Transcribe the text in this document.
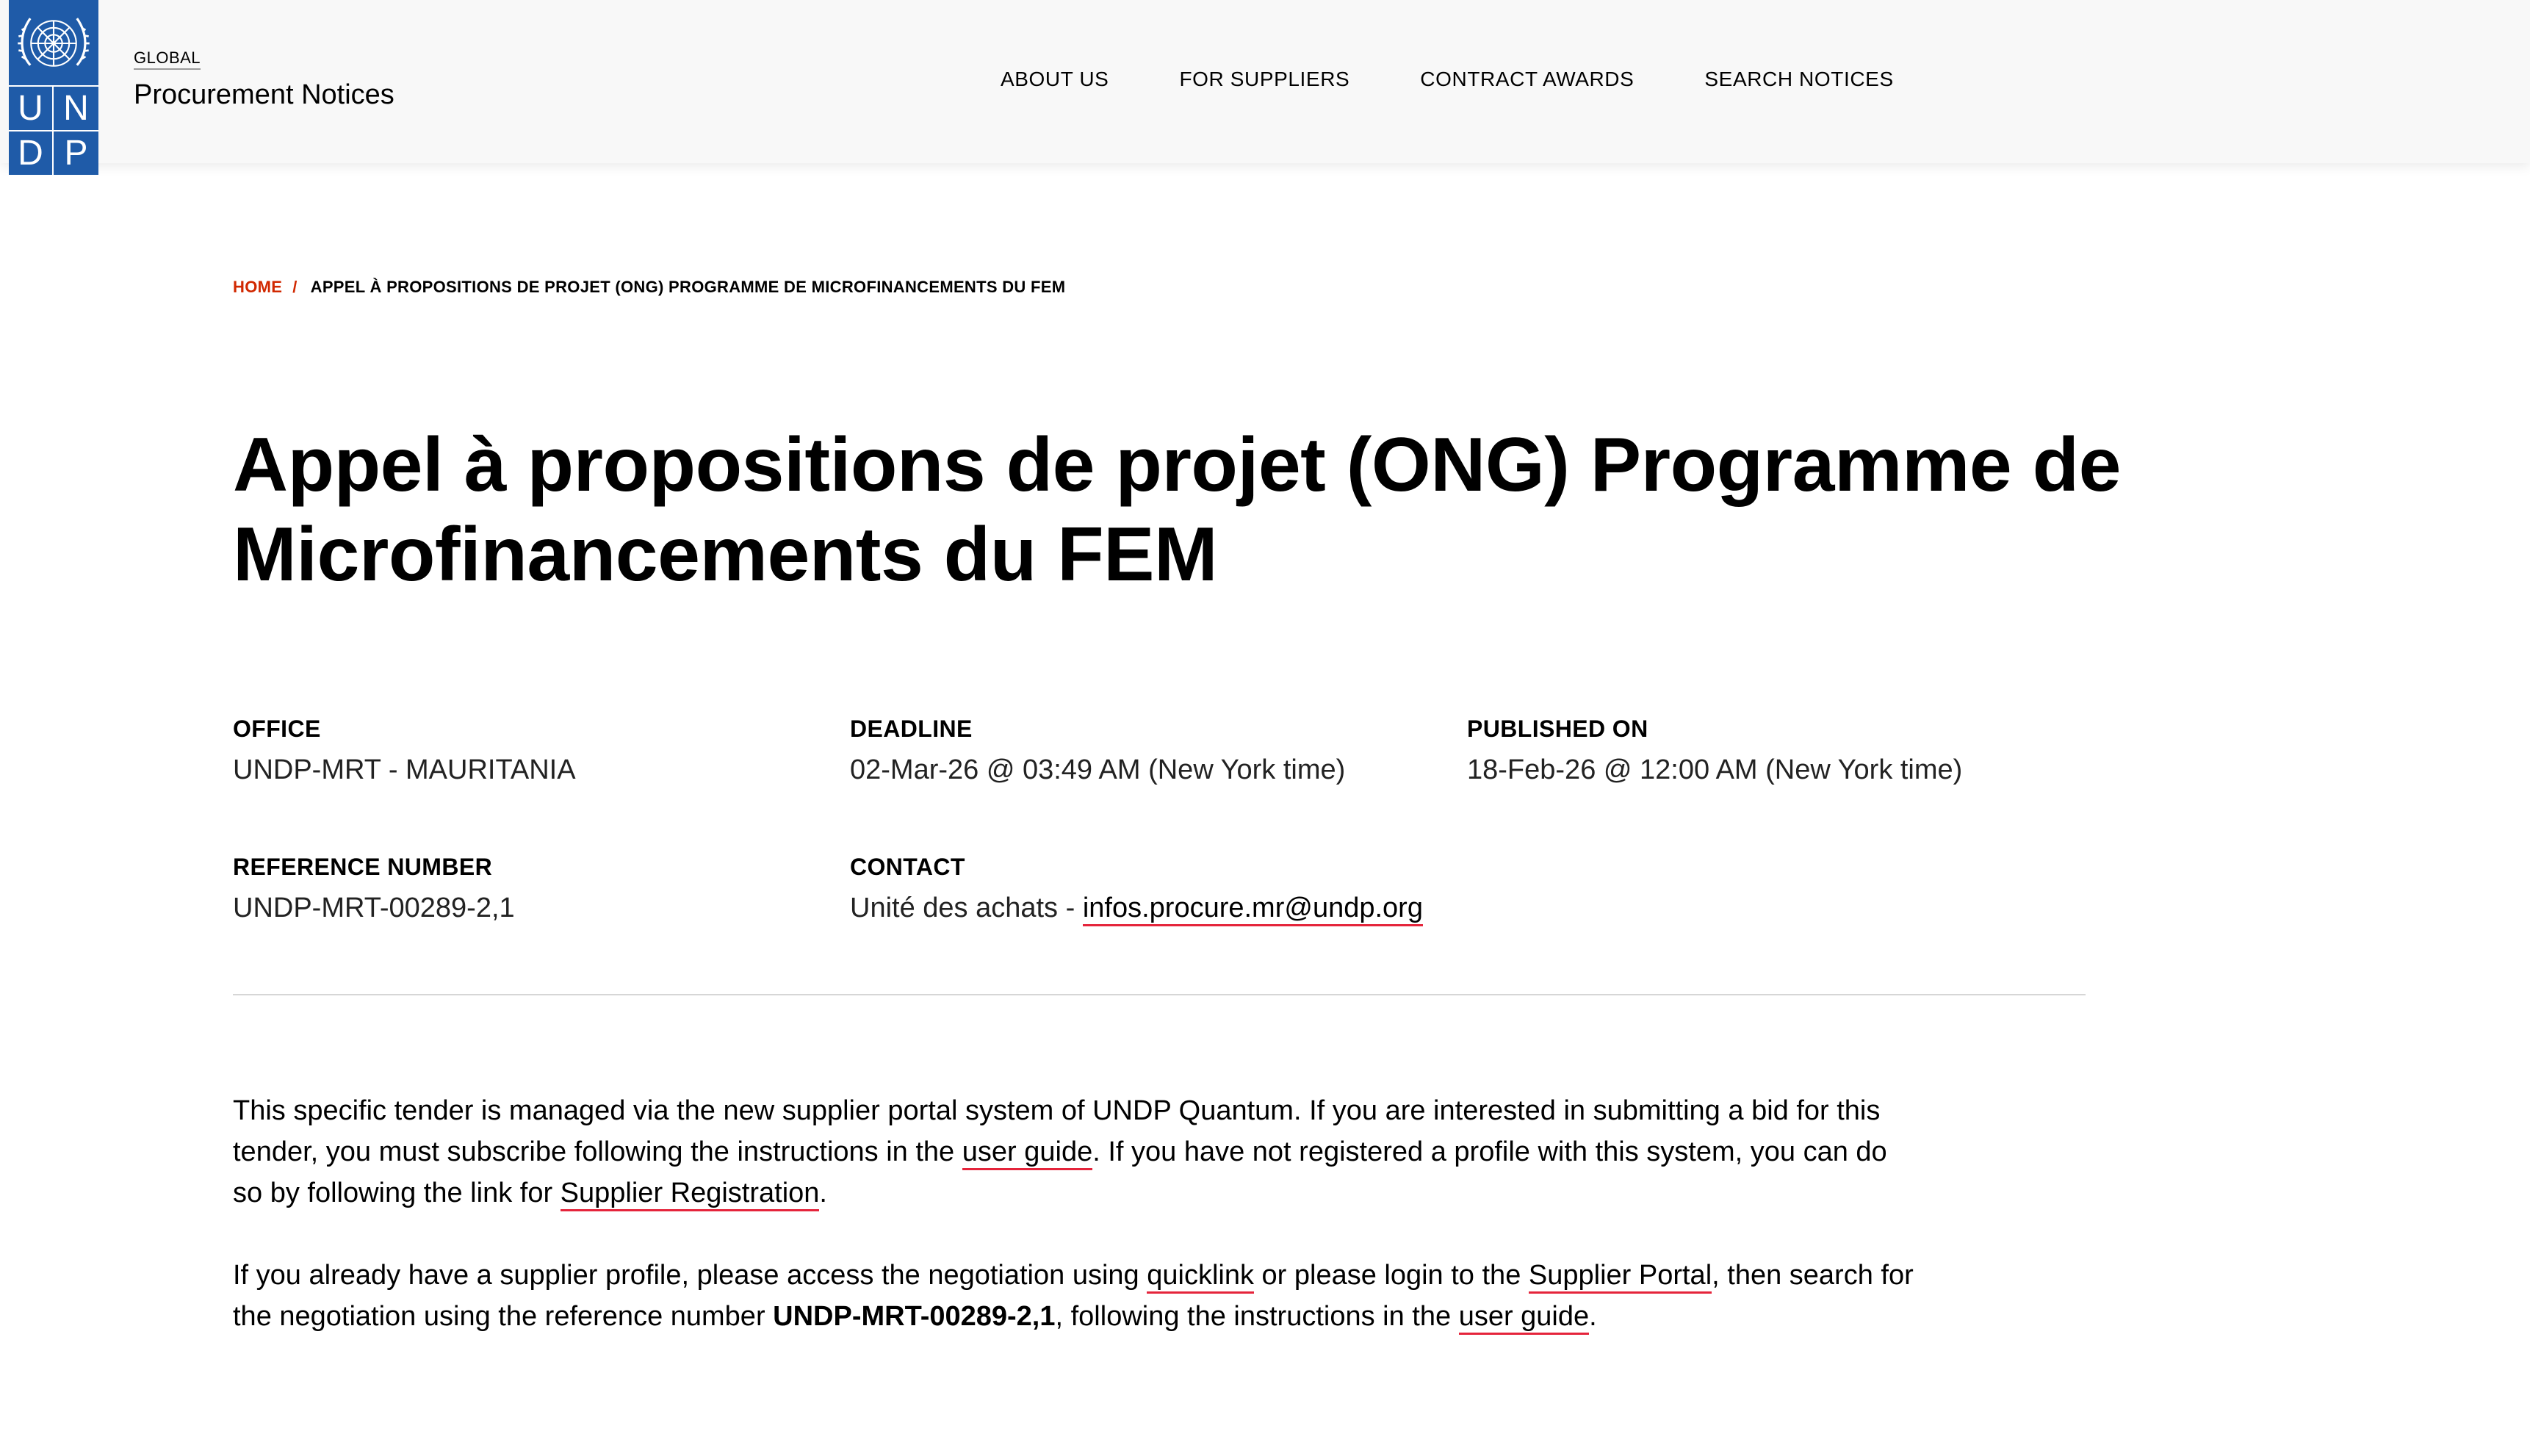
GLOBAL
Procurement Notices
ABOUT US	FOR SUPPLIERS	CONTRACT AWARDS	SEARCH NOTICES
U N
D P
HOME / APPEL À PROPOSITIONS DE PROJET (ONG) PROGRAMME DE MICROFINANCEMENTS DU FEM
Appel à propositions de projet (ONG) Programme de Microfinancements du FEM
OFFICE
UNDP-MRT - MAURITANIA
DEADLINE
02-Mar-26 @ 03:49 AM (New York time)
PUBLISHED ON
18-Feb-26 @ 12:00 AM (New York time)
REFERENCE NUMBER
UNDP-MRT-00289-2,1
CONTACT
Unité des achats - infos.procure.mr@undp.org

This specific tender is managed via the new supplier portal system of UNDP Quantum. If you are interested in submitting a bid for this tender, you must subscribe following the instructions in the user guide. If you have not registered a profile with this system, you can do so by following the link for Supplier Registration.

If you already have a supplier profile, please access the negotiation using quicklink or please login to the Supplier Portal, then search for the negotiation using the reference number UNDP-MRT-00289-2,1, following the instructions in the user guide.
